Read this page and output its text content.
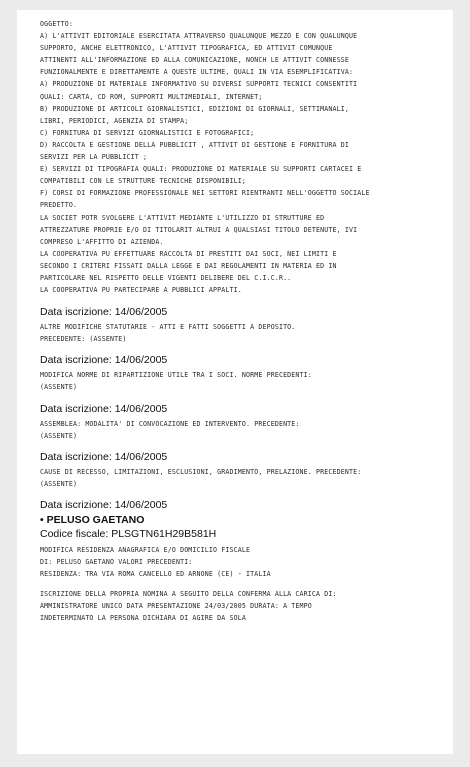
OGGETTO:
A) L'ATTIVIT EDITORIALE ESERCITATA ATTRAVERSO QUALUNQUE MEZZO E CON QUALUNQUE
SUPPORTO, ANCHE ELETTRONICO, L'ATTIVIT TIPOGRAFICA, ED ATTIVIT COMUNQUE
ATTINENTI ALL'INFORMAZIONE ED ALLA COMUNICAZIONE, NONCH LE ATTIVIT CONNESSE
FUNZIONALMENTE E DIRETTAMENTE A QUESTE ULTIME, QUALI IN VIA ESEMPLIFICATIVA:
A) PRODUZIONE DI MATERIALE INFORMATIVO SU DIVERSI SUPPORTI TECNICI CONSENTITI
QUALI: CARTA, CD ROM, SUPPORTI MULTIMEDIALI, INTERNET;
B) PRODUZIONE DI ARTICOLI GIORNALISTICI, EDIZIONI DI GIORNALI, SETTIMANALI,
LIBRI, PERIODICI, AGENZIA DI STAMPA;
C) FORNITURA DI SERVIZI GIORNALISTICI E FOTOGRAFICI;
D) RACCOLTA E GESTIONE DELLA PUBBLICIT , ATTIVIT DI GESTIONE E FORNITURA DI
SERVIZI PER LA PUBBLICIT ;
E) SERVIZI DI TIPOGRAFIA QUALI: PRODUZIONE DI MATERIALE SU SUPPORTI CARTACEI E
COMPATIBILI CON LE STRUTTURE TECNICHE DISPONIBILI;
F) CORSI DI FORMAZIONE PROFESSIONALE NEI SETTORI RIENTRANTI NELL'OGGETTO SOCIALE
PREDETTO.
LA SOCIET POTR SVOLGERE L'ATTIVIT MEDIANTE L'UTILIZZO DI STRUTTURE ED
ATTREZZATURE PROPRIE E/O DI TITOLARIT ALTRUI A QUALSIASI TITOLO DETENUTE, IVI
COMPRESO L'AFFITTO DI AZIENDA.
LA COOPERATIVA PU EFFETTUARE RACCOLTA DI PRESTITI DAI SOCI, NEI LIMITI E
SECONDO I CRITERI FISSATI DALLA LEGGE E DAI REGOLAMENTI IN MATERIA ED IN
PARTICOLARE NEL RISPETTO DELLE VIGENTI DELIBERE DEL C.I.C.R..
LA COOPERATIVA PU PARTECIPARE A PUBBLICI APPALTI.
Data iscrizione: 14/06/2005
ALTRE MODIFICHE STATUTARIE - ATTI E FATTI SOGGETTI A DEPOSITO.
PRECEDENTE: (ASSENTE)
Data iscrizione: 14/06/2005
MODIFICA NORME DI RIPARTIZIONE UTILE TRA I SOCI. NORME PRECEDENTI:
(ASSENTE)
Data iscrizione: 14/06/2005
ASSEMBLEA: MODALITA' DI CONVOCAZIONE ED INTERVENTO. PRECEDENTE:
(ASSENTE)
Data iscrizione: 14/06/2005
CAUSE DI RECESSO, LIMITAZIONI, ESCLUSIONI, GRADIMENTO, PRELAZIONE. PRECEDENTE:
(ASSENTE)
Data iscrizione: 14/06/2005
• PELUSO GAETANO
Codice fiscale: PLSGTN61H29B581H
MODIFICA RESIDENZA ANAGRAFICA E/O DOMICILIO FISCALE
DI: PELUSO GAETANO VALORI PRECEDENTI:
RESIDENZA: TRA VIA ROMA CANCELLO ED ARNONE (CE) - ITALIA
ISCRIZIONE DELLA PROPRIA NOMINA A SEGUITO DELLA CONFERMA ALLA CARICA DI:
AMMINISTRATORE UNICO DATA PRESENTAZIONE 24/03/2005 DURATA: A TEMPO
INDETERMINATO LA PERSONA DICHIARA DI AGIRE DA SOLA
